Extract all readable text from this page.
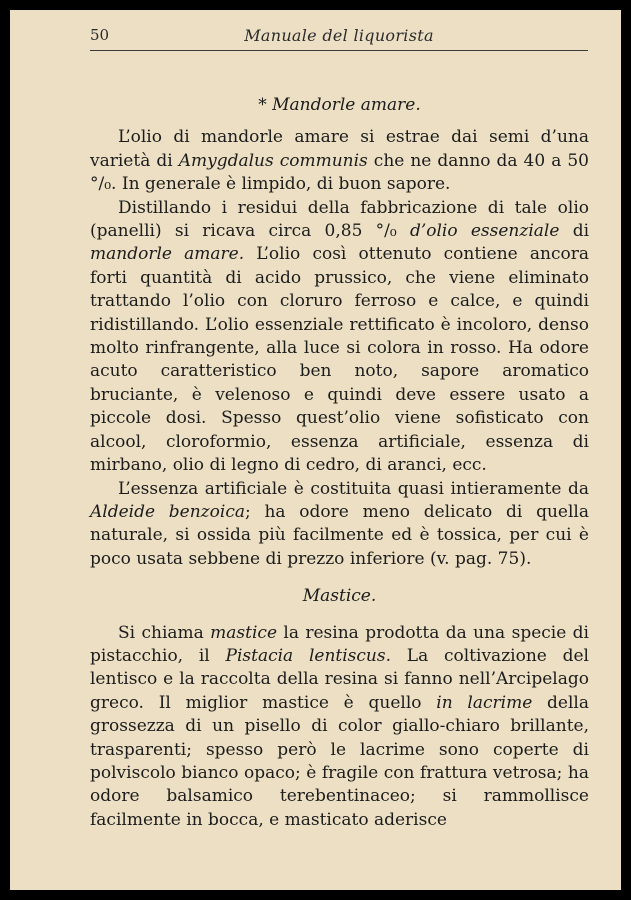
50	Manuale del liquorista
* Mandorle amare.

L’olio di mandorle amare si estrae dai semi d’una varietà di Amygdalus communis che ne danno da 40 a 50 °/₀. In generale è limpido, di buon sapore.

Distillando i residui della fabbricazione di tale olio (panelli) si ricava circa 0,85 °/₀ d’olio essenziale di mandorle amare. L’olio così ottenuto contiene ancora forti quantità di acido prussico, che viene eliminato trattando l’olio con cloruro ferroso e calce, e quindi ridistillando. L’olio essenziale rettificato è incoloro, denso molto rinfrangente, alla luce si colora in rosso. Ha odore acuto caratteristico ben noto, sapore aromatico bruciante, è velenoso e quindi deve essere usato a piccole dosi. Spesso quest’olio viene sofisticato con alcool, cloroformio, essenza artificiale, essenza di mirbano, olio di legno di cedro, di aranci, ecc.

L’essenza artificiale è costituita quasi intieramente da Aldeide benzoica; ha odore meno delicato di quella naturale, si ossida più facilmente ed è tossica, per cui è poco usata sebbene di prezzo inferiore (v. pag. 75).

Mastice.

Si chiama mastice la resina prodotta da una specie di pistacchio, il Pistacia lentiscus. La coltivazione del lentisco e la raccolta della resina si fanno nell’Arcipelago greco. Il miglior mastice è quello in lacrime della grossezza di un pisello di color giallo-chiaro brillante, trasparenti; spesso però le lacrime sono coperte di polviscolo bianco opaco; è fragile con frattura vetrosa; ha odore balsamico terebentinaceo; si rammollisce facilmente in bocca, e masticato aderisce
